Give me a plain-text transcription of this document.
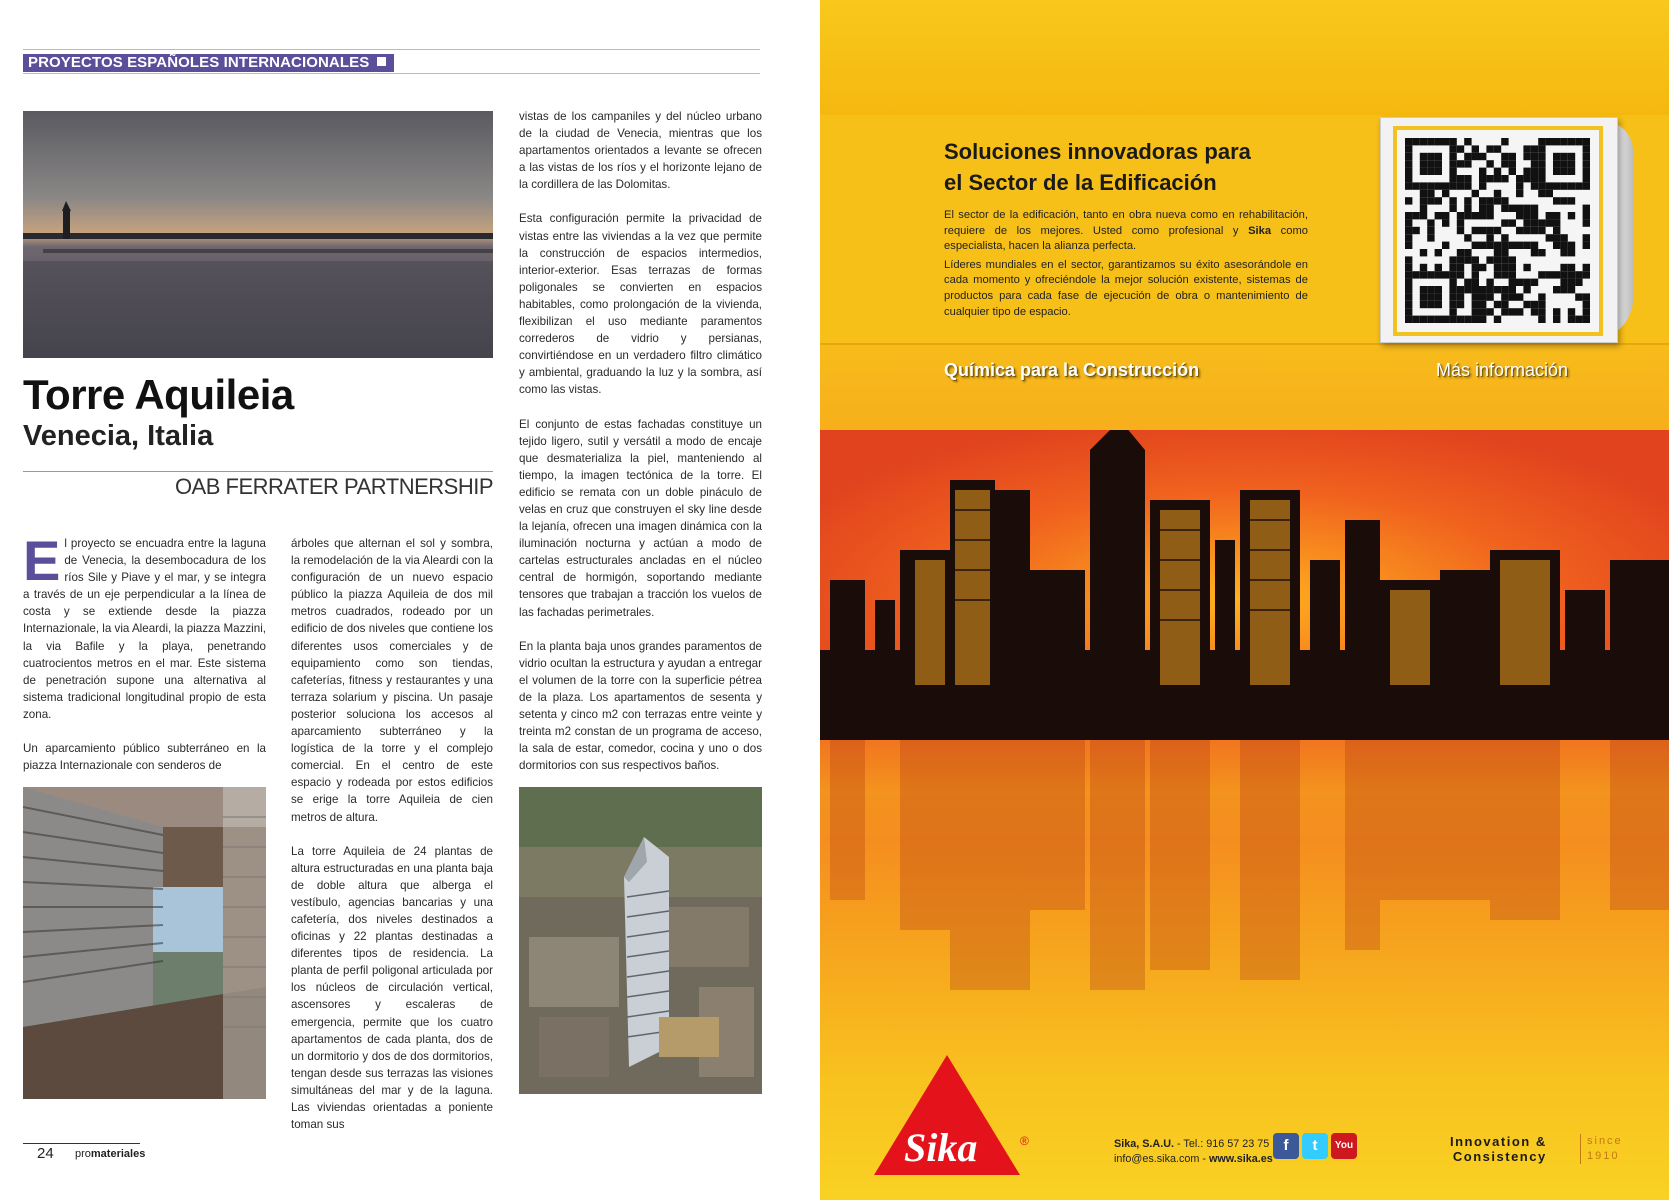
PROYECTOS ESPAÑOLES INTERNACIONALES
Torre Aquileia
Venecia, Italia
OAB FERRATER PARTNERSHIP

El proyecto se encuadra entre la laguna de Venecia, la desembocadura de los ríos Sile y Piave y el mar, y se integra a través de un eje perpendicular a la línea de costa y se extiende desde la piazza Internazionale, la via Aleardi, la piazza Mazzini, la via Bafile y la playa, penetrando cuatrocientos metros en el mar. Este sistema de penetración supone una alternativa al sistema tradicional longitudinal propio de esta zona.

Un aparcamiento público subterráneo en la piazza Internazionale con senderos de

árboles que alternan el sol y sombra, la remodelación de la via Aleardi con la configuración de un nuevo espacio público la piazza Aquileia de dos mil metros cuadrados, rodeado por un edificio de dos niveles que contiene los diferentes usos comerciales y de equipamiento como son tiendas, cafeterías, fitness y restaurantes y una terraza solarium y piscina. Un pasaje posterior soluciona los accesos al aparcamiento subterráneo y la logística de la torre y el complejo comercial. En el centro de este espacio y rodeada por estos edificios se erige la torre Aquileia de cien metros de altura.

La torre Aquileia de 24 plantas de altura estructuradas en una planta baja de doble altura que alberga el vestíbulo, agencias bancarias y una cafetería, dos niveles destinados a oficinas y 22 plantas destinadas a diferentes tipos de residencia. La planta de perfil poligonal articulada por los núcleos de circulación vertical, ascensores y escaleras de emergencia, permite que los cuatro apartamentos de cada planta, dos de un dormitorio y dos de dos dormitorios, tengan desde sus terrazas las visiones simultáneas del mar y de la laguna. Las viviendas orientadas a poniente toman sus

vistas de los campaniles y del núcleo urbano de la ciudad de Venecia, mientras que los apartamentos orientados a levante se ofrecen a las vistas de los ríos y el horizonte lejano de la cordillera de las Dolomitas.

Esta configuración permite la privacidad de vistas entre las viviendas a la vez que permite la construcción de espacios intermedios, interior-exterior. Esas terrazas de formas poligonales se convierten en espacios habitables, como prolongación de la vivienda, flexibilizan el uso mediante paramentos correderos de vidrio y persianas, convirtiéndose en un verdadero filtro climático y ambiental, graduando la luz y la sombra, así como las vistas.

El conjunto de estas fachadas constituye un tejido ligero, sutil y versátil a modo de encaje que desmaterializa la piel, manteniendo al tiempo, la imagen tectónica de la torre. El edificio se remata con un doble pináculo de velas en cruz que construyen el sky line desde la lejanía, ofrecen una imagen dinámica con la iluminación nocturna y actúan a modo de cartelas estructurales ancladas en el núcleo central de hormigón, soportando mediante tensores que trabajan a tracción los vuelos de las fachadas perimetrales.

En la planta baja unos grandes paramentos de vidrio ocultan la estructura y ayudan a entregar el volumen de la torre con la superficie pétrea de la plaza. Los apartamentos de sesenta y setenta y cinco m2 con terrazas entre veinte y treinta m2 constan de un programa de acceso, la sala de estar, comedor, cocina y uno o dos dormitorios con sus respectivos baños.

24 promateriales
Soluciones innovadoras para
el Sector de la Edificación

El sector de la edificación, tanto en obra nueva como en rehabilitación, requiere de los mejores. Usted como profesional y Sika como especialista, hacen la alianza perfecta.

Líderes mundiales en el sector, garantizamos su éxito asesorándole en cada momento y ofreciéndole la mejor solución existente, sistemas de productos para cada fase de ejecución de obra o mantenimiento de cualquier tipo de espacio.

Química para la Construcción	Más información
Sika	®	Sika, S.A.U. - Tel.: 916 57 23 75
info@es.sika.com - www.sika.es
f	t	You	Innovation &
Consistency
since
1910
